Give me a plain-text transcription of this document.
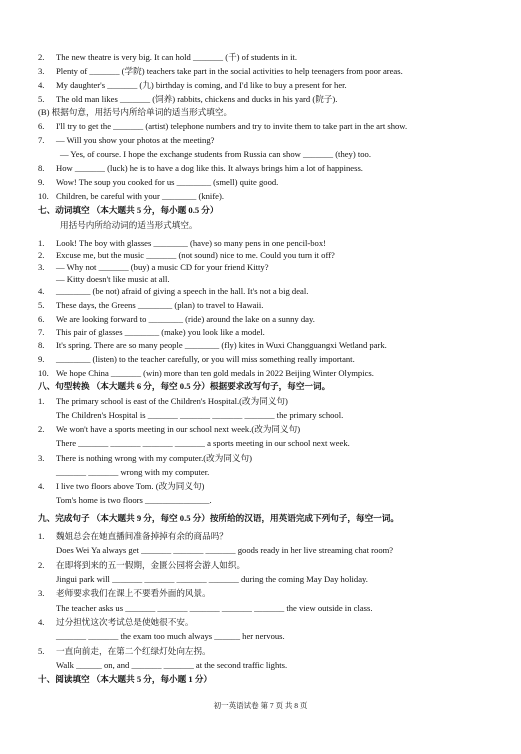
2. The new theatre is very big. It can hold _______ (千) of students in it.
3. Plenty of _______ (学院) teachers take part in the social activities to help teenagers from poor areas.
4. My daughter's _______ (九) birthday is coming, and I'd like to buy a present for her.
5. The old man likes _______ (饲养) rabbits, chickens and ducks in his yard (院子).
(B) 根据句意，用括号内所给单词的适当形式填空。
6. I'll try to get the _______ (artist) telephone numbers and try to invite them to take part in the art show.
7. — Will you show your photos at the meeting?
— Yes, of course. I hope the exchange students from Russia can show _______ (they) too.
8. How _______ (luck) he is to have a dog like this. It always brings him a lot of happiness.
9. Wow! The soup you cooked for us ________ (smell) quite good.
10. Children, be careful with your ________ (knife).
七、动词填空 （本大题共 5 分，每小题 0.5 分）
用括号内所给动词的适当形式填空。
1. Look! The boy with glasses ________ (have) so many pens in one pencil-box!
2. Excuse me, but the music _______ (not sound) nice to me. Could you turn it off?
3. — Why not _______ (buy) a music CD for your friend Kitty?
— Kitty doesn't like music at all.
4. ________ (be not) afraid of giving a speech in the hall. It's not a big deal.
5. These days, the Greens ________ (plan) to travel to Hawaii.
6. We are looking forward to ________ (ride) around the lake on a sunny day.
7. This pair of glasses ________ (make) you look like a model.
8. It's spring. There are so many people ________ (fly) kites in Wuxi Changguangxi Wetland park.
9. ________ (listen) to the teacher carefully, or you will miss something really important.
10. We hope China _______ (win) more than ten gold medals in 2022 Beijing Winter Olympics.
八、句型转换 （本大题共 6 分，每空 0.5 分）根据要求改写句子，每空一词。
1. The primary school is east of the Children's Hospital.(改为同义句)
The Children's Hospital is _______ _______ _______ _______ the primary school.
2. We won't have a sports meeting in our school next week.(改为同义句)
There _______ _______ _______ _______ a sports meeting in our school next week.
3. There is nothing wrong with my computer.(改为同义句)
_______ _______ wrong with my computer.
4. I live two floors above Tom. (改为同义句)
Tom's home is two floors _______________.
九、完成句子 （本大题共 9 分，每空 0.5 分）按所给的汉语，用英语完成下列句子，每空一词。
1. 魏姐总会在她直播间准备掉掉有余的商品吗？
Does Wei Ya always get _______ _______ _______ goods ready in her live streaming chat room?
2. 在即将到来的五一假期，金匮公园将会游人如织。
Jingui park will _______ _______ _______ _______ during the coming May Day holiday.
3. 老师要求我们在课上不要看外面的风景。
The teacher asks us _______ _______ _______ _______ _______ the view outside in class.
4. 过分担忧这次考试总是使她很不安。
_______ _______ the exam too much always ______ her nervous.
5. 一直向前走，在第二个红绿灯处向左拐。
Walk ______ on, and _______ _______ at the second traffic lights.
十、阅读填空 （本大题共 5 分，每小题 1 分）
初一英语试卷 第 7 页 共 8 页
